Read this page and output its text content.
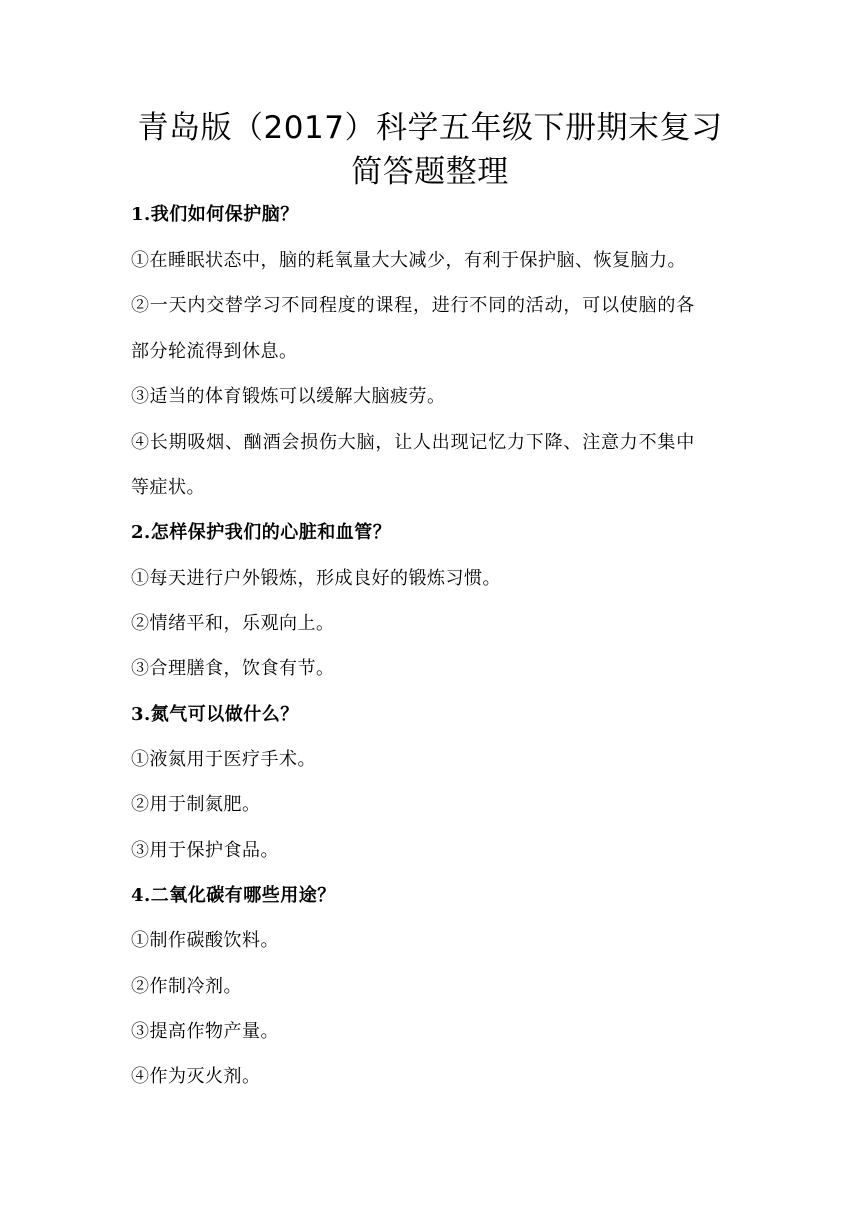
青岛版（2017）科学五年级下册期末复习
简答题整理
1.我们如何保护脑？
①在睡眠状态中，脑的耗氧量大大减少，有利于保护脑、恢复脑力。
②一天内交替学习不同程度的课程，进行不同的活动，可以使脑的各
部分轮流得到休息。
③适当的体育锻炼可以缓解大脑疲劳。
④长期吸烟、酗酒会损伤大脑，让人出现记忆力下降、注意力不集中
等症状。
2.怎样保护我们的心脏和血管？
①每天进行户外锻炼，形成良好的锻炼习惯。
②情绪平和，乐观向上。
③合理膳食，饮食有节。
3.氮气可以做什么？
①液氮用于医疗手术。
②用于制氮肥。
③用于保护食品。
4.二氧化碳有哪些用途？
①制作碳酸饮料。
②作制冷剂。
③提高作物产量。
④作为灭火剂。
